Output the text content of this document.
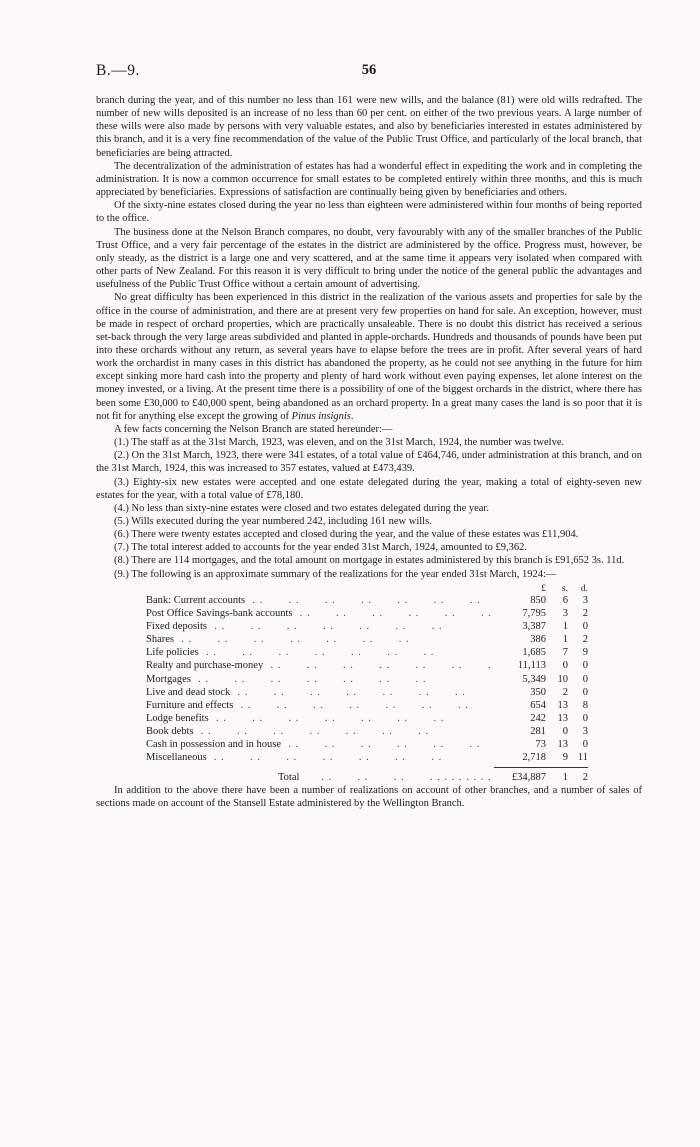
B.—9.	56

branch during the year, and of this number no less than 161 were new wills, and the balance (81) were old wills redrafted. The number of new wills deposited is an increase of no less than 60 per cent. on either of the two previous years. A large number of these wills were also made by persons with very valuable estates, and also by beneficiaries interested in estates administered by this branch, and it is a very fine recommendation of the value of the Public Trust Office, and particularly of the local branch, that beneficiaries are being attracted.

The decentralization of the administration of estates has had a wonderful effect in expediting the work and in completing the administration. It is now a common occurrence for small estates to be completed entirely within three months, and this is much appreciated by beneficiaries. Expressions of satisfaction are continually being given by beneficiaries and others.

Of the sixty-nine estates closed during the year no less than eighteen were administered within four months of being reported to the office.

The business done at the Nelson Branch compares, no doubt, very favourably with any of the smaller branches of the Public Trust Office, and a very fair percentage of the estates in the district are administered by the office. Progress must, however, be only steady, as the district is a large one and very scattered, and at the same time it appears very isolated when compared with other parts of New Zealand. For this reason it is very difficult to bring under the notice of the general public the advantages and usefulness of the Public Trust Office without a certain amount of advertising.

No great difficulty has been experienced in this district in the realization of the various assets and properties for sale by the office in the course of administration, and there are at present very few properties on hand for sale. An exception, however, must be made in respect of orchard properties, which are practically unsaleable. There is no doubt this district has received a serious set-back through the very large areas subdivided and planted in apple-orchards. Hundreds and thousands of pounds have been put into these orchards without any return, as several years have to elapse before the trees are in profit. After several years of hard work the orchardist in many cases in this district has abandoned the property, as he could not see anything in the future for him except sinking more hard cash into the property and plenty of hard work without even paying expenses, let alone interest on the money invested, or a living. At the present time there is a possibility of one of the biggest orchards in the district, where there has been some £30,000 to £40,000 spent, being abandoned as an orchard property. In a great many cases the land is so poor that it is not fit for anything else except the growing of Pinus insignis.

A few facts concerning the Nelson Branch are stated hereunder:—

(1.) The staff as at the 31st March, 1923, was eleven, and on the 31st March, 1924, the number was twelve.

(2.) On the 31st March, 1923, there were 341 estates, of a total value of £464,746, under administration at this branch, and on the 31st March, 1924, this was increased to 357 estates, valued at £473,439.

(3.) Eighty-six new estates were accepted and one estate delegated during the year, making a total of eighty-seven new estates for the year, with a total value of £78,180.

(4.) No less than sixty-nine estates were closed and two estates delegated during the year.

(5.) Wills executed during the year numbered 242, including 161 new wills.

(6.) There were twenty estates accepted and closed during the year, and the value of these estates was £11,904.

(7.) The total interest added to accounts for the year ended 31st March, 1924, amounted to £9,362.

(8.) There are 114 mortgages, and the total amount on mortgage in estates administered by this branch is £91,652 3s. 11d.

(9.) The following is an approximate summary of the realizations for the year ended 31st March, 1924:—

£	s.	d.
Bank: Current accounts . .	850	6	3
Post Office Savings-bank accounts . .	7,795	3	2
Fixed deposits . .	3,387	1	0
Shares . .	386	1	2
Life policies . .	1,685	7	9
Realty and purchase-money . .	11,113	0	0
Mortgages . .	5,349	10	0
Live and dead stock . .	350	2	0
Furniture and effects . .	654	13	8
Lodge benefits . .	242	13	0
Book debts . .	281	0	3
Cash in possession and in house . .	73	13	0
Miscellaneous . .	2,718	9 11
Total . .	£34,887	1	2

In addition to the above there have been a number of realizations on account of other branches, and a number of sales of sections made on account of the Stansell Estate administered by the Wellington Branch.
